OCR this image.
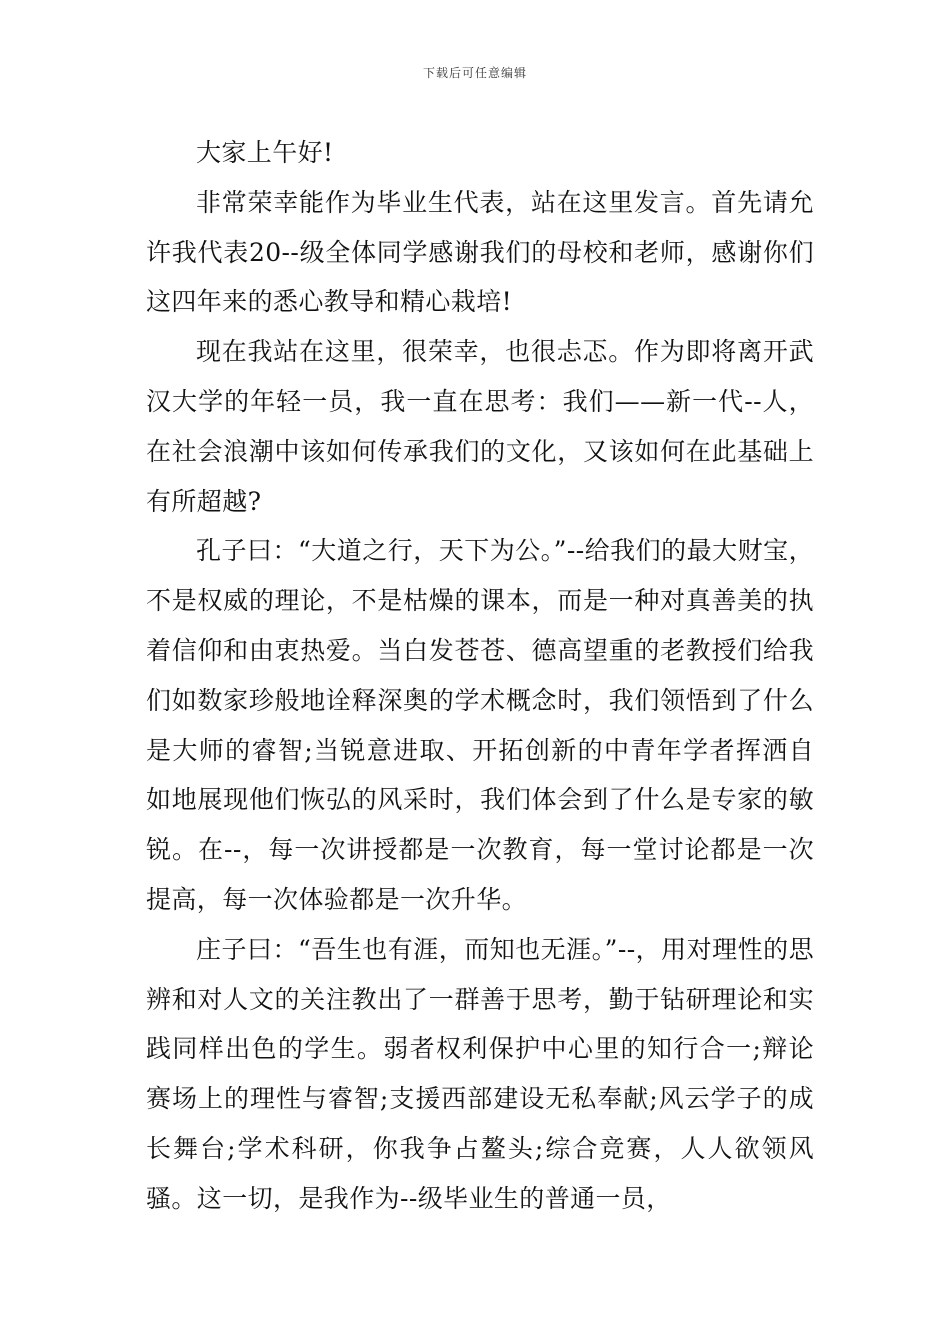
下载后可任意编辑

大家上午好!

非常荣幸能作为毕业生代表，站在这里发言。首先请允许我代表20--级全体同学感谢我们的母校和老师，感谢你们这四年来的悉心教导和精心栽培!

现在我站在这里，很荣幸，也很忐忑。作为即将离开武汉大学的年轻一员，我一直在思考：我们——新一代--人，在社会浪潮中该如何传承我们的文化，又该如何在此基础上有所超越?

孔子曰：“大道之行，天下为公。”--给我们的最大财宝，不是权威的理论，不是枯燥的课本，而是一种对真善美的执着信仰和由衷热爱。当白发苍苍、德高望重的老教授们给我们如数家珍般地诠释深奥的学术概念时，我们领悟到了什么是大师的睿智;当锐意进取、开拓创新的中青年学者挥洒自如地展现他们恢弘的风采时，我们体会到了什么是专家的敏锐。在--，每一次讲授都是一次教育，每一堂讨论都是一次提高，每一次体验都是一次升华。

庄子曰：“吾生也有涯，而知也无涯。”--，用对理性的思辨和对人文的关注教出了一群善于思考，勤于钻研理论和实践同样出色的学生。弱者权利保护中心里的知行合一;辩论赛场上的理性与睿智;支援西部建设无私奉献;风云学子的成长舞台;学术科研，你我争占鳌头;综合竞赛，人人欲领风骚。这一切，是我作为--级毕业生的普通一员，
